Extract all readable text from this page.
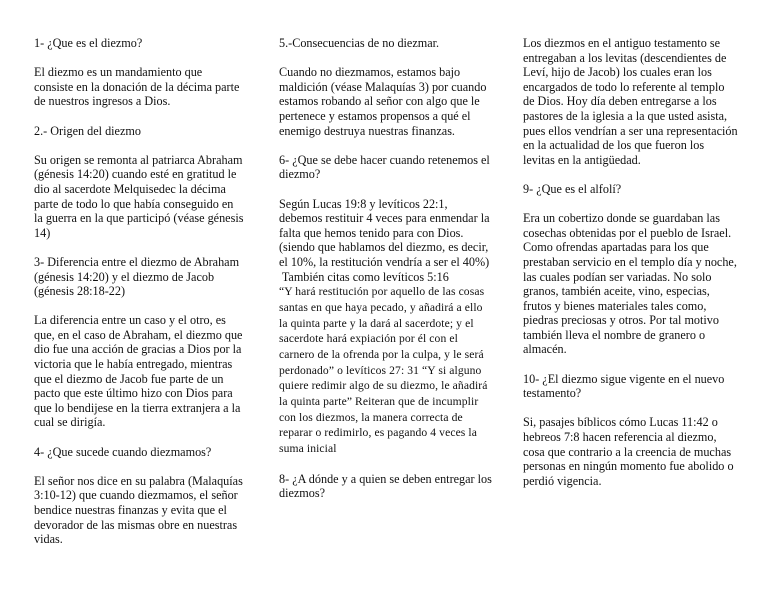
1- ¿Que es el diezmo?

El diezmo es un mandamiento que consiste en la donación de la décima parte de nuestros ingresos a Dios.

2.- Origen del diezmo

Su origen se remonta al patriarca Abraham (génesis 14:20) cuando esté en gratitud le dio al sacerdote Melquisedec la décima parte de todo lo que había conseguido en la guerra en la que participó (véase génesis 14)

3- Diferencia entre el diezmo de Abraham (génesis 14:20) y el diezmo de Jacob (génesis 28:18-22)

La diferencia entre un caso y el otro, es que, en el caso de Abraham, el diezmo que dio fue una acción de gracias a Dios por la victoria que le había entregado, mientras que el diezmo de Jacob fue parte de un pacto que este último hizo con Dios para que lo bendijese en la tierra extranjera a la cual se dirigía.

4- ¿Que sucede cuando diezmamos?

El señor nos dice en su palabra (Malaquías 3:10-12) que cuando diezmamos, el señor bendice nuestras finanzas y evita que el devorador de las mismas obre en nuestras vidas.

5.-Consecuencias de no diezmar.

Cuando no diezmamos, estamos bajo maldición (véase Malaquías 3) por cuando estamos robando al señor con algo que le pertenece y estamos propensos a qué el enemigo destruya nuestras finanzas.

6- ¿Que se debe hacer cuando retenemos el diezmo?

Según Lucas 19:8 y levíticos 22:1, debemos restituir 4 veces para enmendar la falta que hemos tenido para con Dios. (siendo que hablamos del diezmo, es decir, el 10%, la restitución vendría a ser el 40%)

También citas como levíticos 5:16

“Y hará restitución por aquello de las cosas santas en que haya pecado, y añadirá a ello la quinta parte y la dará al sacerdote; y el sacerdote hará expiación por él con el carnero de la ofrenda por la culpa, y le será perdonado” o levíticos 27: 31 “Y si alguno quiere redimir algo de su diezmo, le añadirá la quinta parte” Reiteran que de incumplir con los diezmos, la manera correcta de reparar o redimirlo, es pagando 4 veces la suma inicial

8- ¿A dónde y a quien se deben entregar los diezmos?

Los diezmos en el antiguo testamento se entregaban a los levitas (descendientes de Leví, hijo de Jacob) los cuales eran los encargados de todo lo referente al templo de Dios. Hoy día deben entregarse a los pastores de la iglesia a la que usted asista, pues ellos vendrían a ser una representación en la actualidad de los que fueron los levitas en la antigüedad.

9- ¿Que es el alfolí?

Era un cobertizo donde se guardaban las cosechas obtenidas por el pueblo de Israel. Como ofrendas apartadas para los que prestaban servicio en el templo día y noche, las cuales podían ser variadas. No solo granos, también aceite, vino, especias, frutos y bienes materiales tales como, piedras preciosas y otros. Por tal motivo también lleva el nombre de granero o almacén.

10- ¿El diezmo sigue vigente en el nuevo testamento?

Si, pasajes bíblicos cómo Lucas 11:42 o hebreos 7:8 hacen referencia al diezmo, cosa que contrario a la creencia de muchas personas en ningún momento fue abolido o perdió vigencia.
